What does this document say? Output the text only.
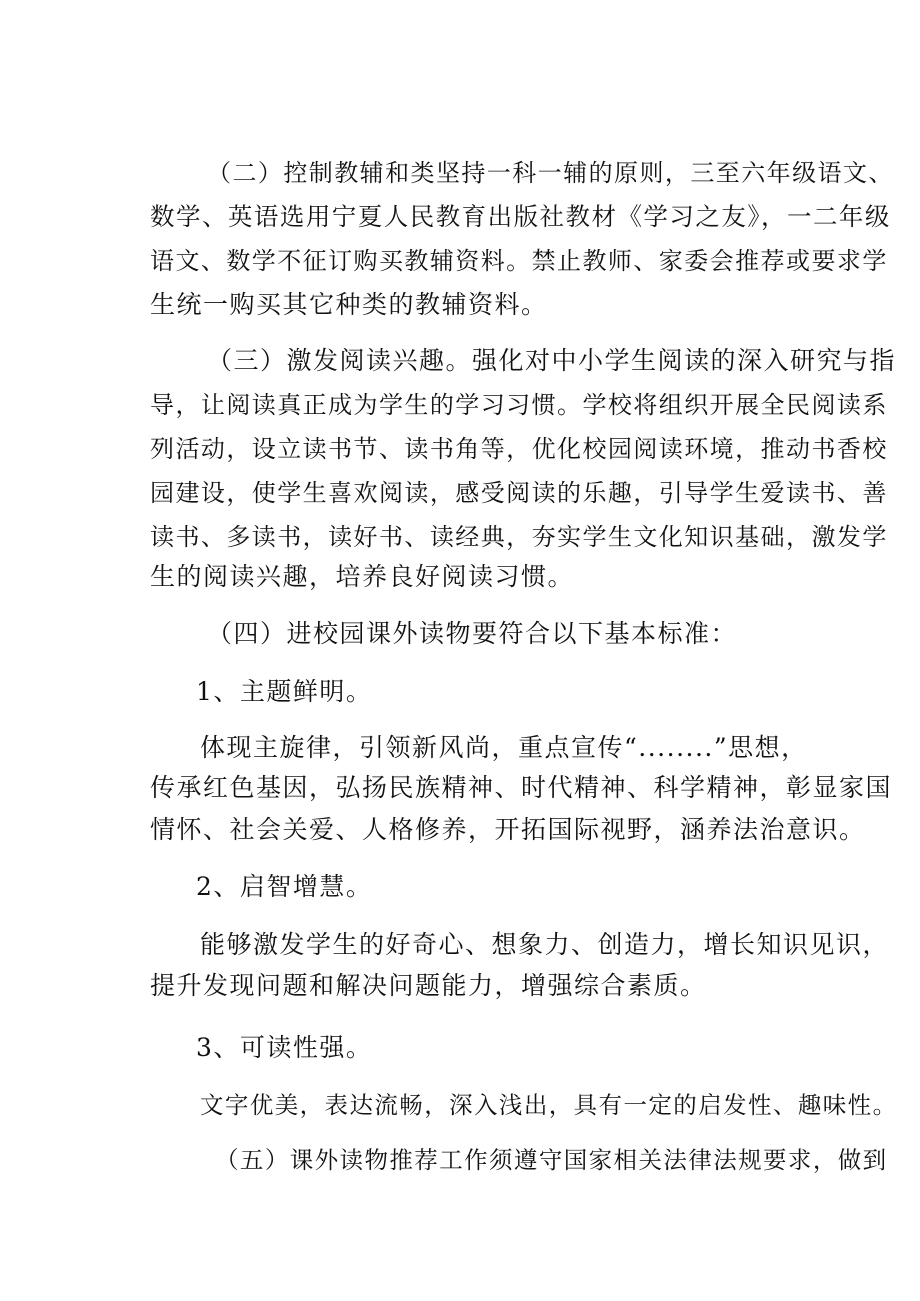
（二）控制教辅和类坚持一科一辅的原则，三至六年级语文、
数学、英语选用宁夏人民教育出版社教材《学习之友》，一二年级
语文、数学不征订购买教辅资料。禁止教师、家委会推荐或要求学
生统一购买其它种类的教辅资料。
（三）激发阅读兴趣。强化对中小学生阅读的深入研究与指
导，让阅读真正成为学生的学习习惯。学校将组织开展全民阅读系
列活动，设立读书节、读书角等，优化校园阅读环境，推动书香校
园建设，使学生喜欢阅读，感受阅读的乐趣，引导学生爱读书、善
读书、多读书，读好书、读经典，夯实学生文化知识基础，激发学
生的阅读兴趣，培养良好阅读习惯。
（四）进校园课外读物要符合以下基本标准：
1、主题鲜明。
体现主旋律，引领新风尚，重点宣传“........”思想，
传承红色基因，弘扬民族精神、时代精神、科学精神，彰显家国
情怀、社会关爱、人格修养，开拓国际视野，涵养法治意识。
2、启智增慧。
能够激发学生的好奇心、想象力、创造力，增长知识见识，
提升发现问题和解决问题能力，增强综合素质。
3、可读性强。
文字优美，表达流畅，深入浅出，具有一定的启发性、趣味性。
（五）课外读物推荐工作须遵守国家相关法律法规要求，做到
